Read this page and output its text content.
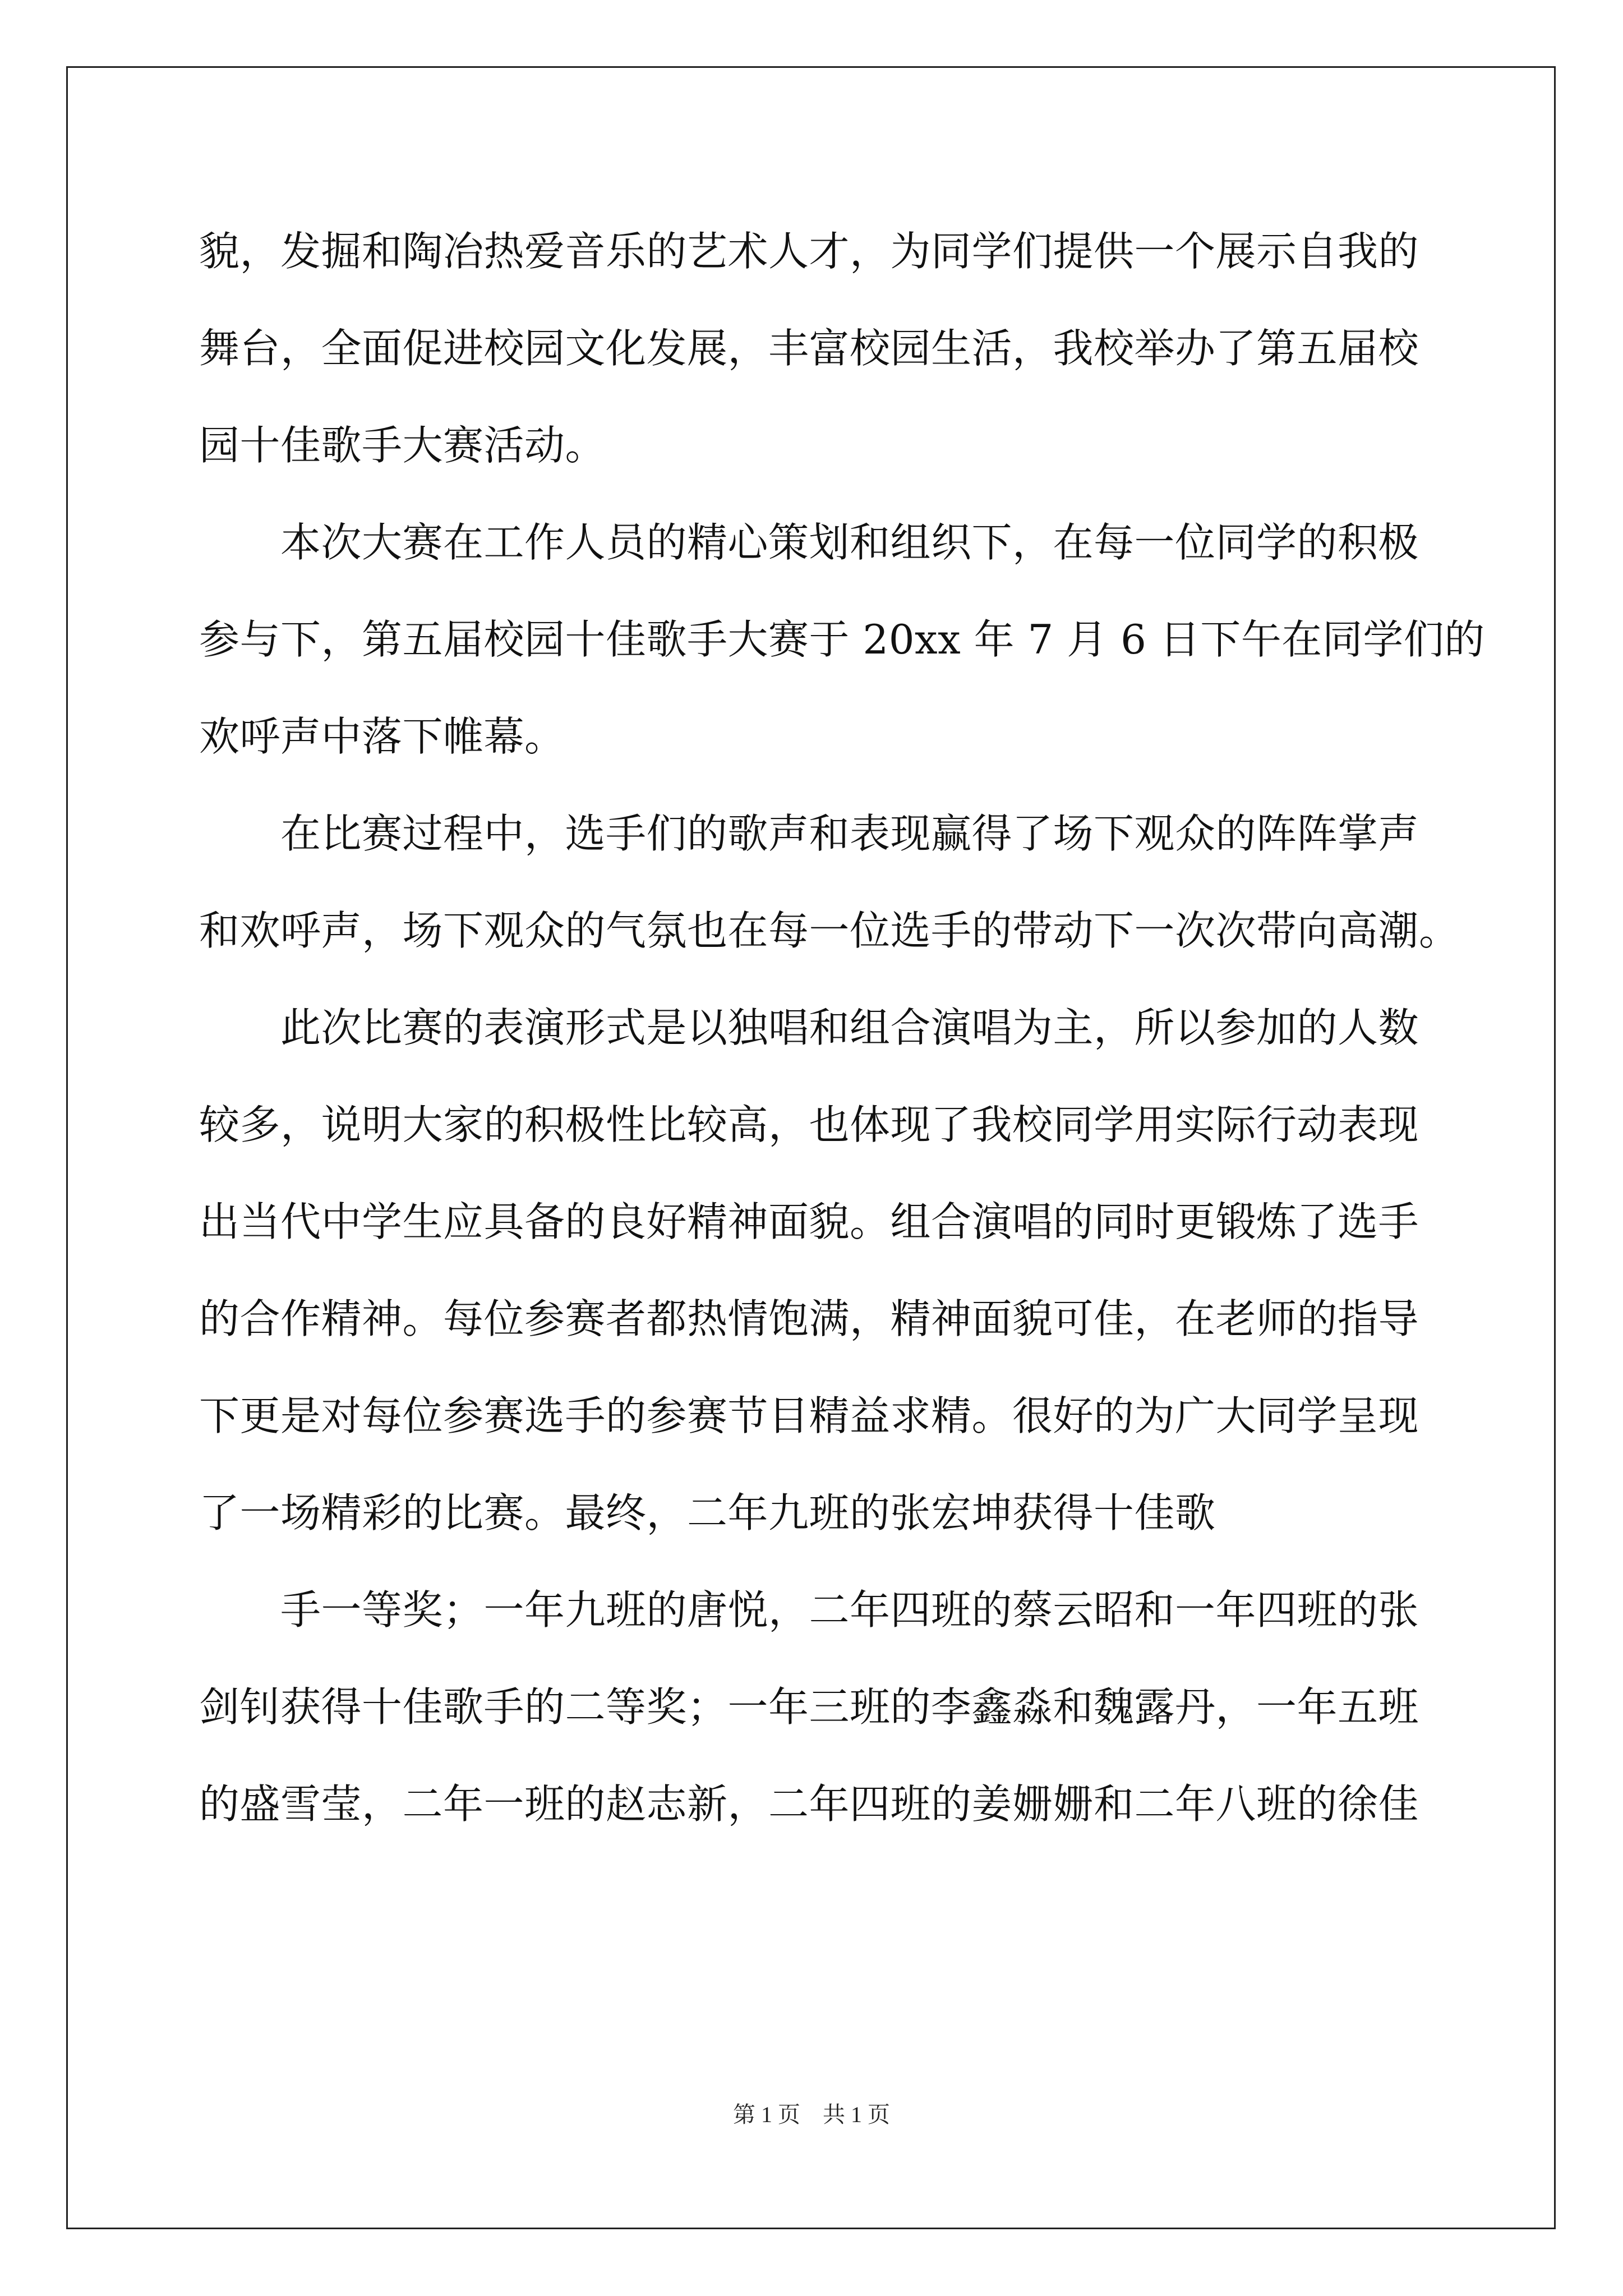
貌，发掘和陶冶热爱音乐的艺术人才，为同学们提供一个展示自我的
舞台，全面促进校园文化发展，丰富校园生活，我校举办了第五届校
园十佳歌手大赛活动。
　　本次大赛在工作人员的精心策划和组织下，在每一位同学的积极
参与下，第五届校园十佳歌手大赛于 20xx 年 7 月 6 日下午在同学们的
欢呼声中落下帷幕。
　　在比赛过程中，选手们的歌声和表现赢得了场下观众的阵阵掌声
和欢呼声，场下观众的气氛也在每一位选手的带动下一次次带向高潮。
　　此次比赛的表演形式是以独唱和组合演唱为主，所以参加的人数
较多，说明大家的积极性比较高，也体现了我校同学用实际行动表现
出当代中学生应具备的良好精神面貌。组合演唱的同时更锻炼了选手
的合作精神。每位参赛者都热情饱满，精神面貌可佳，在老师的指导
下更是对每位参赛选手的参赛节目精益求精。很好的为广大同学呈现
了一场精彩的比赛。最终，二年九班的张宏坤获得十佳歌
　　手一等奖；一年九班的唐悦，二年四班的蔡云昭和一年四班的张
剑钊获得十佳歌手的二等奖；一年三班的李鑫淼和魏露丹，一年五班
的盛雪莹，二年一班的赵志新，二年四班的姜姗姗和二年八班的徐佳
第 1 页　共 1 页
